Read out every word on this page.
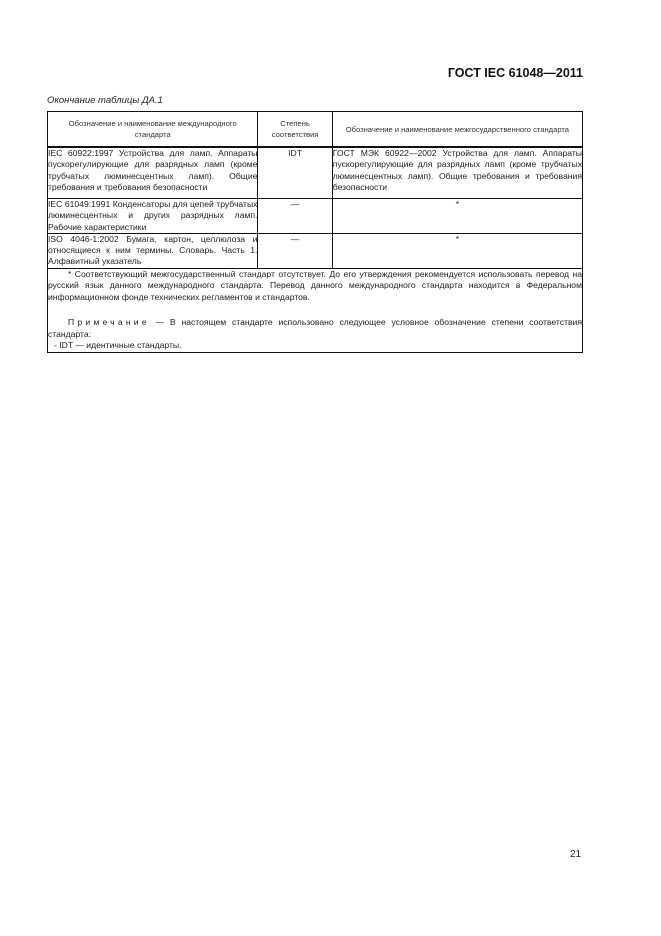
ГОСТ IEC 61048—2011
Окончание таблицы ДА.1
Обозначение и наименование международного стандарта	Степень соответствия	Обозначение и наименование межгосударственного стандарта
IEC 60922:1997 Устройства для ламп. Аппараты пускорегулирующие для разрядных ламп (кроме трубчатых люминесцентных ламп). Общие требования и требования безопасности	IDT	ГОСТ МЭК 60922—2002 Устройства для ламп. Аппараты пускорегулирующие для разрядных ламп (кроме трубчатых люминесцентных ламп). Общие требования и требования безопасности
IEC 61049:1991 Конденсаторы для цепей трубчатых люминесцентных и других разрядных ламп. Рабочие характеристики	—	*
ISO 4046-1:2002 Бумага, картон, целлюлоза и относящиеся к ним термины. Словарь. Часть 1. Алфавитный указатель	—	*

* Соответствующий межгосударственный стандарт отсутствует. До его утверждения рекомендуется использовать перевод на русский язык данного международного стандарта. Перевод данного международного стандарта находится в Федеральном информационном фонде технических регламентов и стандартов.

Примечание — В настоящем стандарте использовано следующее условное обозначение степени соответствия стандарта:

- IDT — идентичные стандарты.		

21
